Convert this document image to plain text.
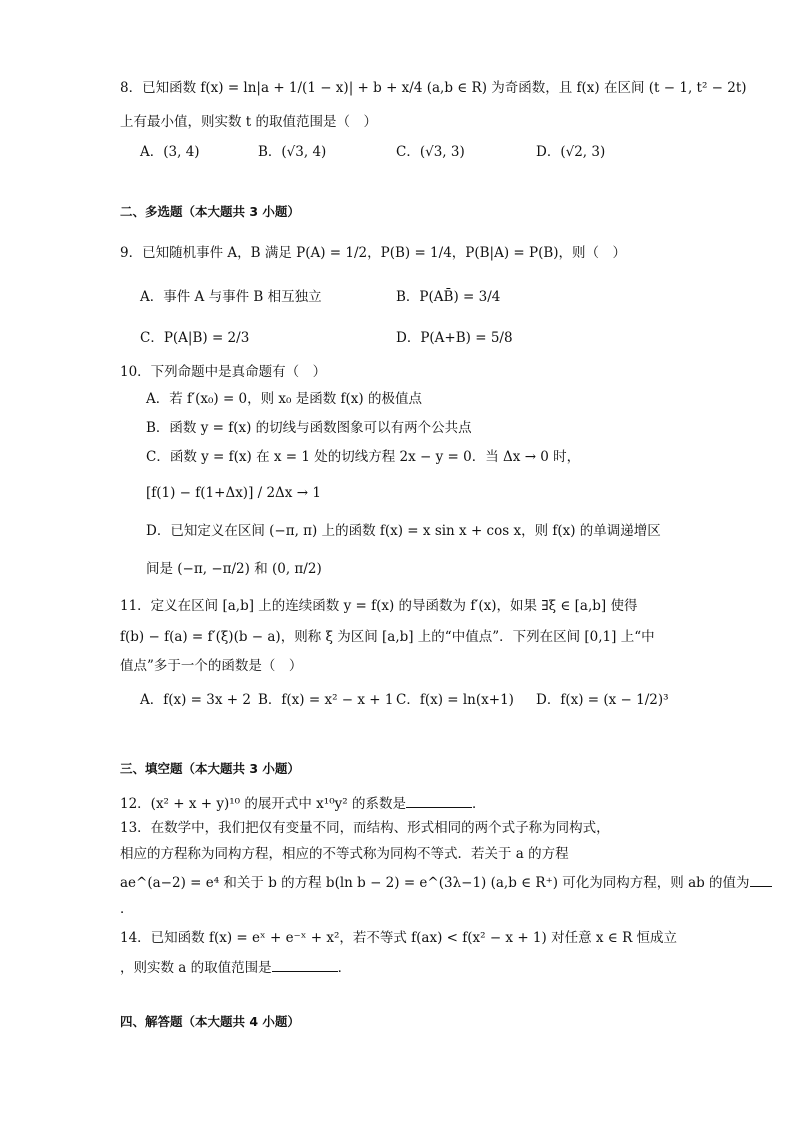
8．已知函数 f(x) = ln|a + 1/(1 − x)| + b + x/4 (a,b ∈ R) 为奇函数，且 f(x) 在区间 (t − 1, t² − 2t)
上有最小值，则实数 t 的取值范围是（　）
A．(3, 4)	B．(√3, 4)	C．(√3, 3)	D．(√2, 3)
二、多选题（本大题共 3 小题）
9．已知随机事件 A，B 满足 P(A) = 1/2，P(B) = 1/4，P(B|A) = P(B)，则（　）
A．事件 A 与事件 B 相互独立	B．P(AB̄) = 3/4
C．P(A|B) = 2/3	D．P(A+B) = 5/8
10．下列命题中是真命题有（　）
A．若 f′(x₀) = 0，则 x₀ 是函数 f(x) 的极值点
B．函数 y = f(x) 的切线与函数图象可以有两个公共点
C．函数 y = f(x) 在 x = 1 处的切线方程 2x − y = 0．当 Δx → 0 时，
[f(1) − f(1+Δx)] / 2Δx → 1
D．已知定义在区间 (−π, π) 上的函数 f(x) = x sin x + cos x，则 f(x) 的单调递增区
间是 (−π, −π/2) 和 (0, π/2)
11．定义在区间 [a,b] 上的连续函数 y = f(x) 的导函数为 f′(x)，如果 ∃ξ ∈ [a,b] 使得
f(b) − f(a) = f′(ξ)(b − a)，则称 ξ 为区间 [a,b] 上的“中值点”．下列在区间 [0,1] 上“中
值点”多于一个的函数是（　）
A．f(x) = 3x + 2 B．f(x) = x² − x + 1 C．f(x) = ln(x+1) D．f(x) = (x − 1/2)³
三、填空题（本大题共 3 小题）
12．(x² + x + y)¹⁰ 的展开式中 x¹⁰y² 的系数是	．
13．在数学中，我们把仅有变量不同，而结构、形式相同的两个式子称为同构式，
相应的方程称为同构方程，相应的不等式称为同构不等式．若关于 a 的方程
ae^(a−2) = e⁴ 和关于 b 的方程 b(ln b − 2) = e^(3λ−1) (a,b ∈ R⁺) 可化为同构方程，则 ab 的值为
．
14．已知函数 f(x) = eˣ + e⁻ˣ + x²，若不等式 f(ax) < f(x² − x + 1) 对任意 x ∈ R 恒成立
，则实数 a 的取值范围是	．
四、解答题（本大题共 4 小题）
